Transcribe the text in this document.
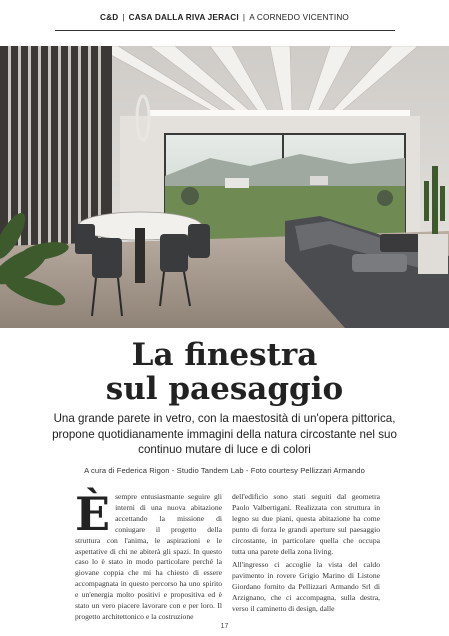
C&D | CASA DALLA RIVA JERACI | A CORNEDO VICENTINO
La finestra
sul paesaggio
Una grande parete in vetro, con la maestosità di un'opera pittorica, propone quotidianamente immagini della natura circostante nel suo continuo mutare di luce e di colori
A cura di Federica Rigon - Studio Tandem Lab - Foto courtesy Pellizzari Armando
Èsempre entusiasmante seguire gli interni di una nuova abitazione accettando la missione di coniugare il progetto della struttura con l'anima, le aspirazioni e le aspettative di chi ne abiterà gli spazi. In questo caso lo è stato in modo particolare perché la giovane coppia che mi ha chiesto di essere accompagnata in questo percorso ha uno spirito e un'energia molto positivi e propositiva ed è stato un vero piacere lavorare con e per loro. Il progetto architettonico e la costruzione

dell'edificio sono stati seguiti dal geometra Paolo Valbertigani. Realizzata con struttura in legno su due piani, questa abitazione ha come punto di forza le grandi aperture sul paesaggio circostante, in particolare quella che occupa tutta una parete della zona living.

All'ingresso ci accoglie la vista del caldo pavimento in rovere Grigio Marino di Listone Giordano fornito da Pellizzari Armando Srl di Arzignano, che ci accompagna, sulla destra, verso il caminetto di design, dalle

17
